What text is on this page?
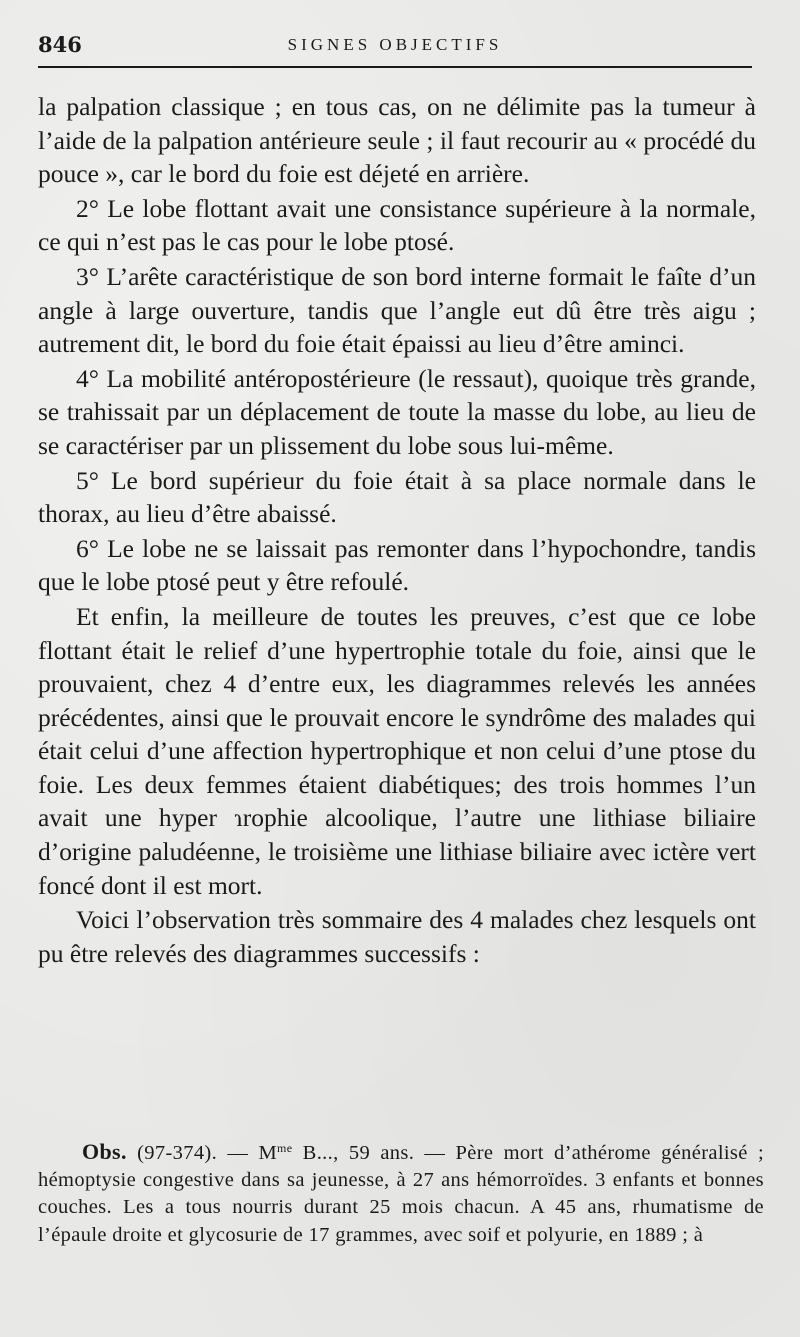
846	SIGNES OBJECTIFS

la palpation classique ; en tous cas, on ne délimite pas la tumeur à l’aide de la palpation antérieure seule ; il faut recourir au « procédé du pouce », car le bord du foie est déjeté en arrière.

2° Le lobe flottant avait une consistance supérieure à la normale, ce qui n’est pas le cas pour le lobe ptosé.

3° L’arête caractéristique de son bord interne formait le faîte d’un angle à large ouverture, tandis que l’angle eut dû être très aigu ; autrement dit, le bord du foie était épaissi au lieu d’être aminci.

4° La mobilité antéropostérieure (le ressaut), quoique très grande, se trahissait par un déplacement de toute la masse du lobe, au lieu de se caractériser par un plissement du lobe sous lui-même.

5° Le bord supérieur du foie était à sa place normale dans le thorax, au lieu d’être abaissé.

6° Le lobe ne se laissait pas remonter dans l’hypochondre, tandis que le lobe ptosé peut y être refoulé.

Et enfin, la meilleure de toutes les preuves, c’est que ce lobe flottant était le relief d’une hypertrophie totale du foie, ainsi que le prouvaient, chez 4 d’entre eux, les diagrammes relevés les années précédentes, ainsi que le prouvait encore le syndrôme des malades qui était celui d’une affection hypertrophique et non celui d’une ptose du foie. Les deux femmes étaient diabétiques; des trois hommes l’un avait une hyper ɿrophie alcoolique, l’autre une lithiase biliaire d’origine paludéenne, le troisième une lithiase biliaire avec ictère vert foncé dont il est mort.

Voici l’observation très sommaire des 4 malades chez lesquels ont pu être relevés des diagrammes successifs :

Obs. (97-374). — $M^{me}$ B..., 59 ans. — Père mort d’athérome généralisé ; hémoptysie congestive dans sa jeunesse, à 27 ans hémorroïdes. 3 enfants et bonnes couches. Les a tous nourris durant 25 mois chacun. A 45 ans, rhumatisme de l’épaule droite et glycosurie de 17 grammes, avec soif et polyurie, en 1889 ; à
